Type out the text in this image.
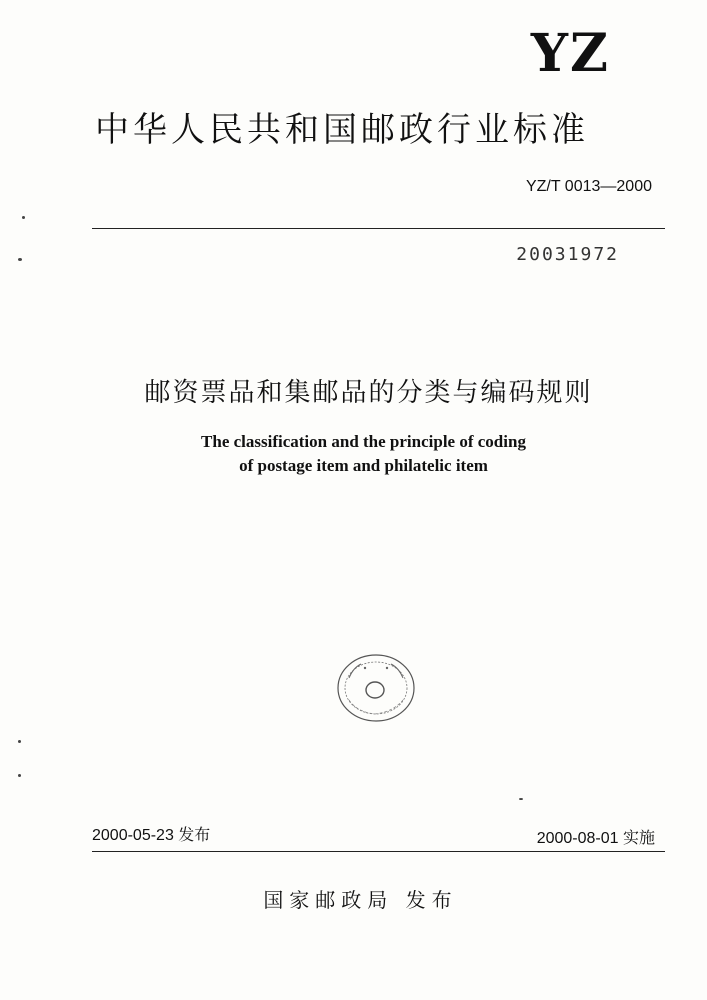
YZ
中华人民共和国邮政行业标准
YZ/T 0013—2000
20031972
邮资票品和集邮品的分类与编码规则
The classification and the principle of coding
of postage item and philatelic item
2000-05-23 发布	2000-08-01 实施
国家邮政局 发布
